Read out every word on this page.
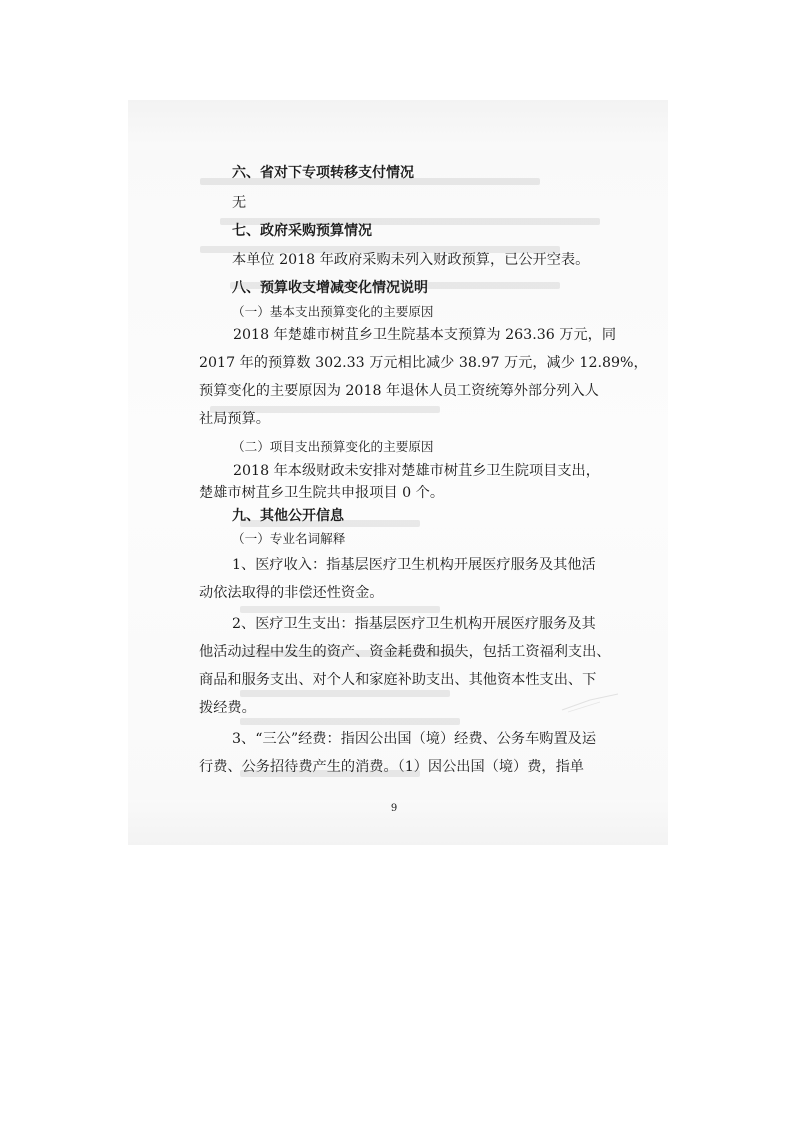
六、省对下专项转移支付情况
无
七、政府采购预算情况
本单位 2018 年政府采购未列入财政预算，已公开空表。
八、预算收支增减变化情况说明
（一）基本支出预算变化的主要原因
2018 年楚雄市树苴乡卫生院基本支预算为 263.36 万元，同
2017 年的预算数 302.33 万元相比减少 38.97 万元，减少 12.89%，
预算变化的主要原因为 2018 年退休人员工资统筹外部分列入人
社局预算。
（二）项目支出预算变化的主要原因
2018 年本级财政未安排对楚雄市树苴乡卫生院项目支出，
楚雄市树苴乡卫生院共申报项目 0 个。
九、其他公开信息
（一）专业名词解释
1、医疗收入：指基层医疗卫生机构开展医疗服务及其他活
动依法取得的非偿还性资金。
2、医疗卫生支出：指基层医疗卫生机构开展医疗服务及其
他活动过程中发生的资产、资金耗费和损失，包括工资福利支出、
商品和服务支出、对个人和家庭补助支出、其他资本性支出、下
拨经费。
3、“三公”经费：指因公出国（境）经费、公务车购置及运
行费、公务招待费产生的消费。（1）因公出国（境）费，指单
9
